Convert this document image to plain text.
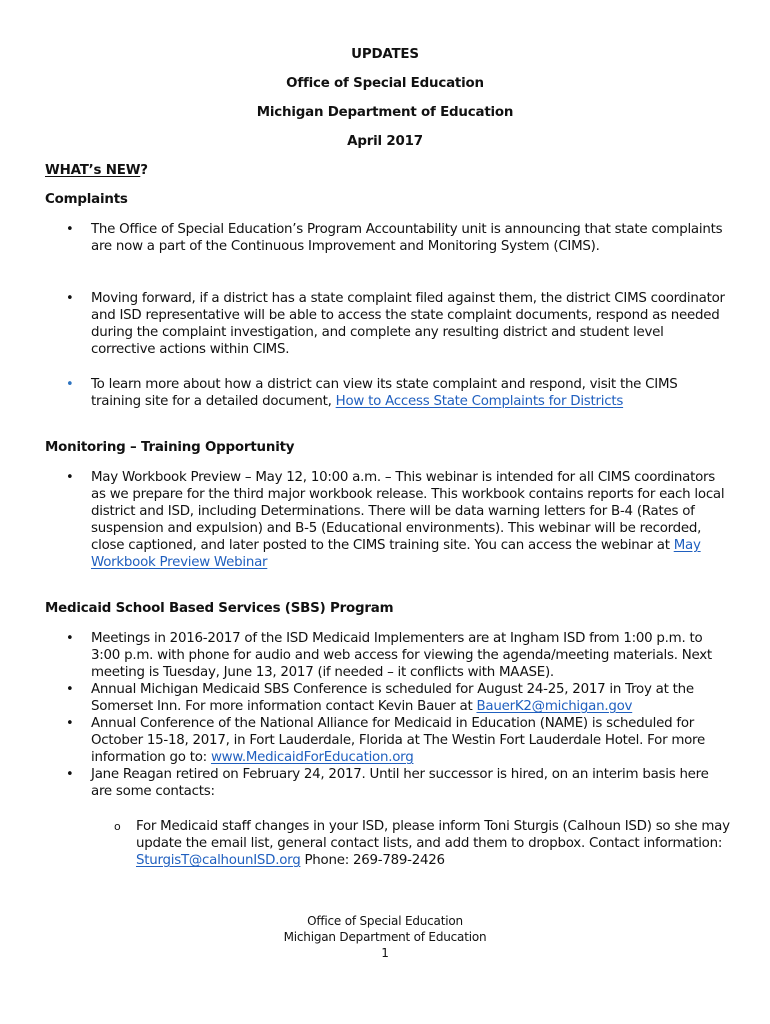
UPDATES
Office of Special Education
Michigan Department of Education
April 2017
WHAT’s NEW?
Complaints
•	The Office of Special Education’s Program Accountability unit is announcing that state complaints are now a part of the Continuous Improvement and Monitoring System (CIMS).
•	Moving forward, if a district has a state complaint filed against them, the district CIMS coordinator and ISD representative will be able to access the state complaint documents, respond as needed during the complaint investigation, and complete any resulting district and student level corrective actions within CIMS.
•	To learn more about how a district can view its state complaint and respond, visit the CIMS training site for a detailed document, How to Access State Complaints for Districts
Monitoring – Training Opportunity
•	May Workbook Preview – May 12, 10:00 a.m. – This webinar is intended for all CIMS coordinators as we prepare for the third major workbook release. This workbook contains reports for each local district and ISD, including Determinations. There will be data warning letters for B-4 (Rates of suspension and expulsion) and B-5 (Educational environments). This webinar will be recorded, close captioned, and later posted to the CIMS training site. You can access the webinar at May Workbook Preview Webinar
Medicaid School Based Services (SBS) Program
•	Meetings in 2016-2017 of the ISD Medicaid Implementers are at Ingham ISD from 1:00 p.m. to 3:00 p.m. with phone for audio and web access for viewing the agenda/meeting materials. Next meeting is Tuesday, June 13, 2017 (if needed – it conflicts with MAASE).
•	Annual Michigan Medicaid SBS Conference is scheduled for August 24-25, 2017 in Troy at the Somerset Inn. For more information contact Kevin Bauer at BauerK2@michigan.gov
•	Annual Conference of the National Alliance for Medicaid in Education (NAME) is scheduled for October 15-18, 2017, in Fort Lauderdale, Florida at The Westin Fort Lauderdale Hotel. For more information go to: www.MedicaidForEducation.org
•	Jane Reagan retired on February 24, 2017. Until her successor is hired, on an interim basis here are some contacts:
o For Medicaid staff changes in your ISD, please inform Toni Sturgis (Calhoun ISD) so she may update the email list, general contact lists, and add them to dropbox. Contact information: SturgisT@calhounISD.org Phone: 269-789-2426
Office of Special Education
Michigan Department of Education
1
